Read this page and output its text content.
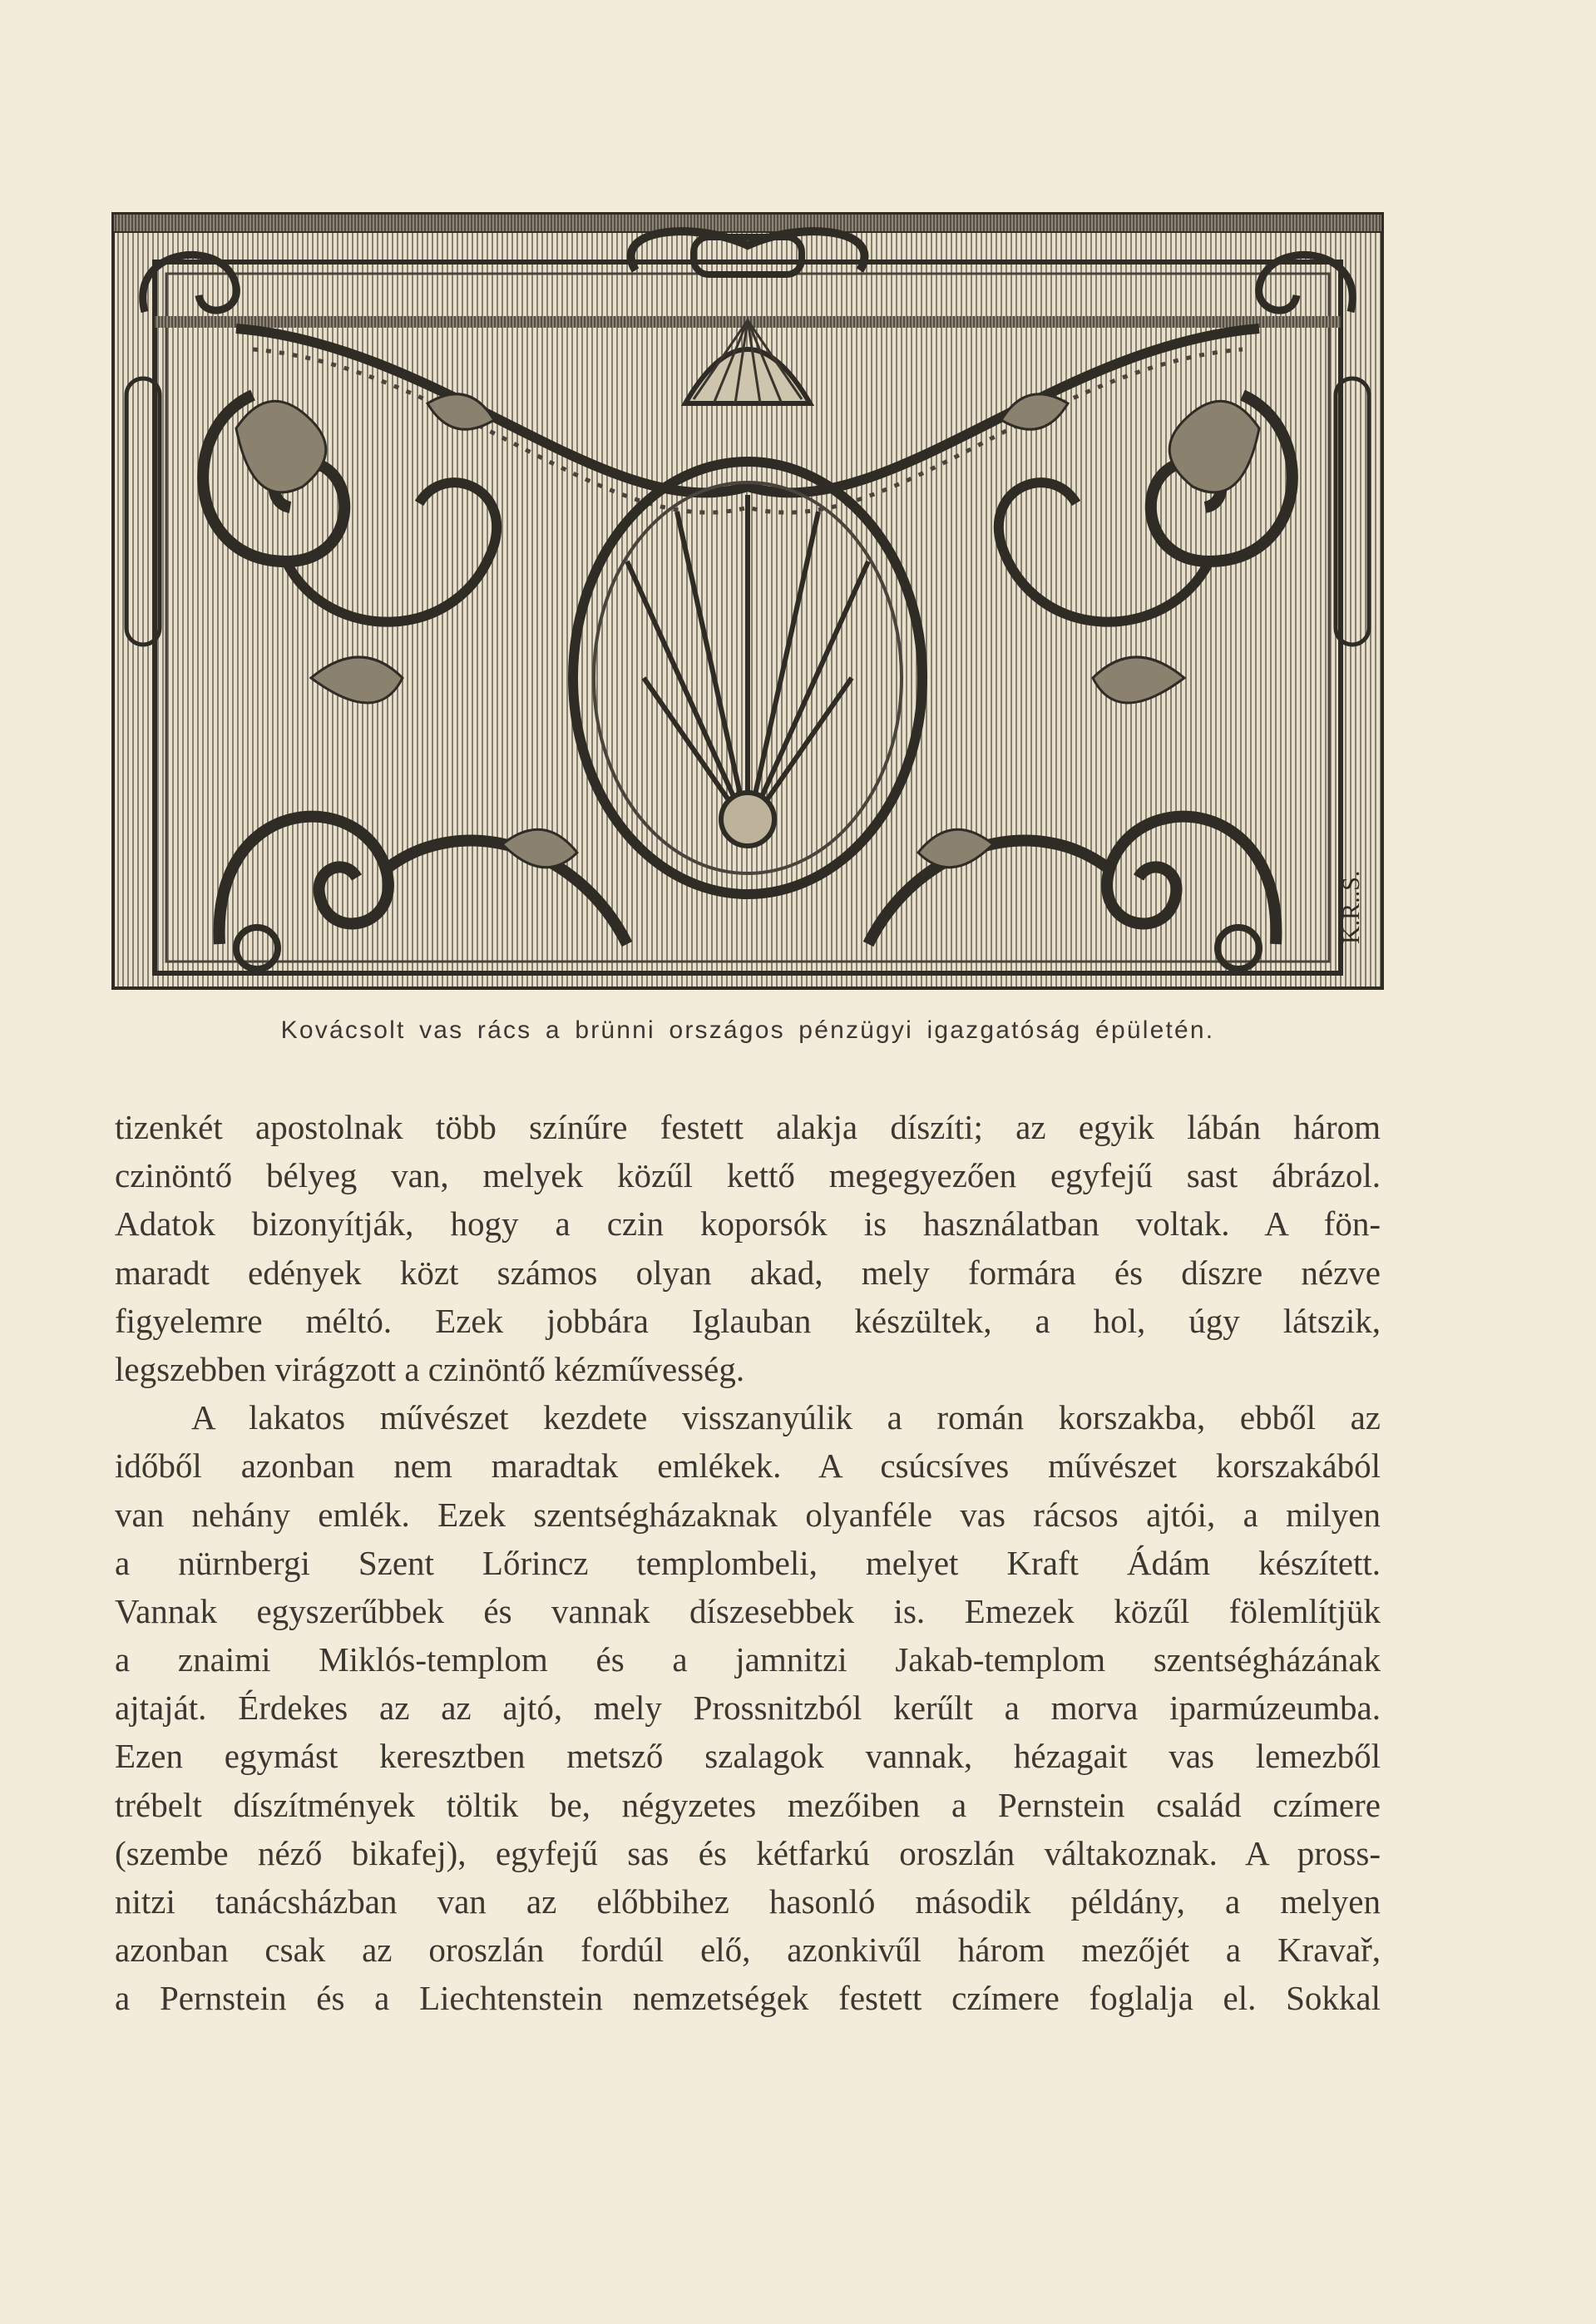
K.R..S.
Kovácsolt vas rács a brünni országos pénzügyi igazgatóság épületén.
tizenkét apostolnak több színűre festett alakja díszíti; az egyik lábán három
czinöntő bélyeg van, melyek közűl kettő megegyezően egyfejű sast ábrázol.
Adatok bizonyítják, hogy a czin koporsók is használatban voltak. A fön-
maradt edények közt számos olyan akad, mely formára és díszre nézve
figyelemre méltó. Ezek jobbára Iglauban készültek, a hol, úgy látszik,
legszebben virágzott a czinöntő kézművesség.
A lakatos művészet kezdete visszanyúlik a román korszakba, ebből az
időből azonban nem maradtak emlékek. A csúcsíves művészet korszakából
van nehány emlék. Ezek szentségházaknak olyanféle vas rácsos ajtói, a milyen
a nürnbergi Szent Lőrincz templombeli, melyet Kraft Ádám készített.
Vannak egyszerűbbek és vannak díszesebbek is. Emezek közűl fölemlítjük
a znaimi Miklós-templom és a jamnitzi Jakab-templom szentségházának
ajtaját. Érdekes az az ajtó, mely Prossnitzból kerűlt a morva iparmúzeumba.
Ezen egymást keresztben metsző szalagok vannak, hézagait vas lemezből
trébelt díszítmények töltik be, négyzetes mezőiben a Pernstein család czímere
(szembe néző bikafej), egyfejű sas és kétfarkú oroszlán váltakoznak. A pross-
nitzi tanácsházban van az előbbihez hasonló második példány, a melyen
azonban csak az oroszlán fordúl elő, azonkivűl három mezőjét a Kravař,
a Pernstein és a Liechtenstein nemzetségek festett czímere foglalja el. Sokkal
